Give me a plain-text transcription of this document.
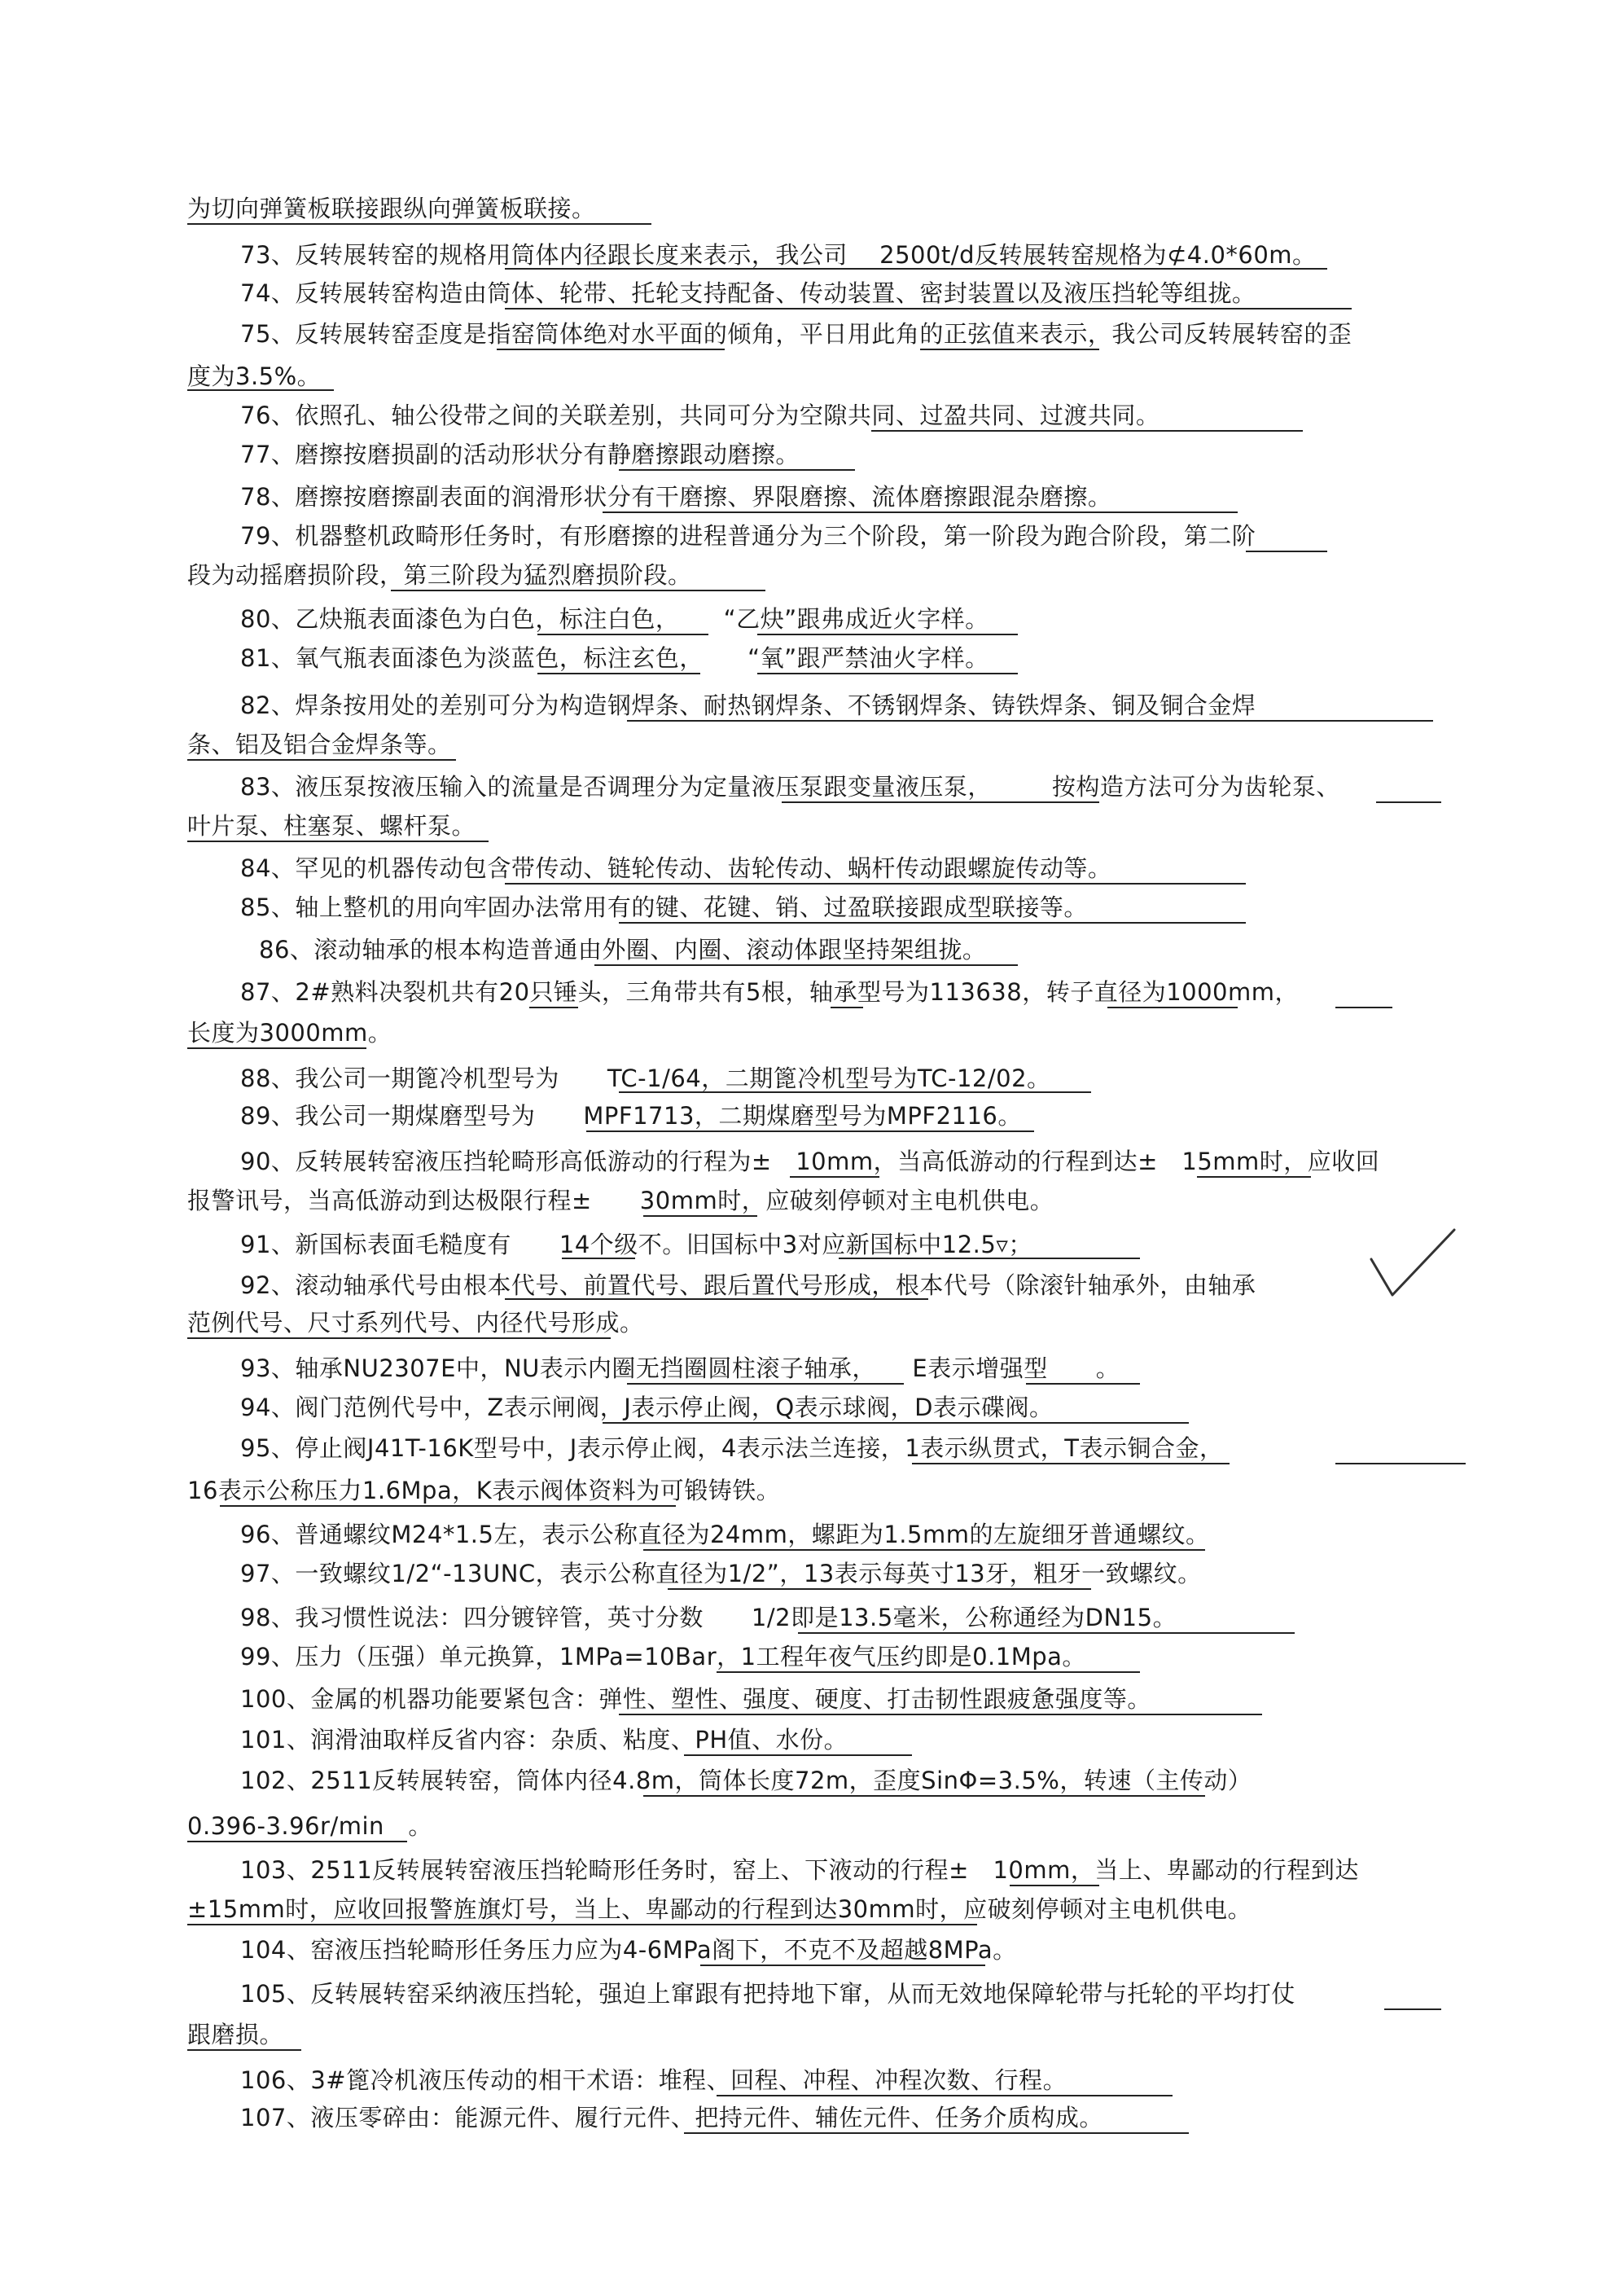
为切向弹簧板联接跟纵向弹簧板联接。
73、反转展转窑的规格用筒体内径跟长度来表示，我公司　 2500t/d反转展转窑规格为⊄4.0*60m。
74、反转展转窑构造由筒体、轮带、托轮支持配备、传动装置、密封装置以及液压挡轮等组拢。
75、反转展转窑歪度是指窑筒体绝对水平面的倾角，平日用此角的正弦值来表示，我公司反转展转窑的歪
度为3.5%。
76、依照孔、轴公役带之间的关联差别，共同可分为空隙共同、过盈共同、过渡共同。
77、磨擦按磨损副的活动形状分有静磨擦跟动磨擦。
78、磨擦按磨擦副表面的润滑形状分有干磨擦、界限磨擦、流体磨擦跟混杂磨擦。
79、机器整机政畸形任务时，有形磨擦的进程普通分为三个阶段，第一阶段为跑合阶段，第二阶
段为动摇磨损阶段，第三阶段为猛烈磨损阶段。
80、乙炔瓶表面漆色为白色，标注白色，　　 “乙炔”跟弗成近火字样。
81、氧气瓶表面漆色为淡蓝色，标注玄色，　　 “氧”跟严禁油火字样。
82、焊条按用处的差别可分为构造钢焊条、耐热钢焊条、不锈钢焊条、铸铁焊条、铜及铜合金焊
条、铝及铝合金焊条等。
83、液压泵按液压输入的流量是否调理分为定量液压泵跟变量液压泵，　　　按构造方法可分为齿轮泵、
叶片泵、柱塞泵、螺杆泵。
84、罕见的机器传动包含带传动、链轮传动、齿轮传动、蜗杆传动跟螺旋传动等。
85、轴上整机的用向牢固办法常用有的键、花键、销、过盈联接跟成型联接等。
86、滚动轴承的根本构造普通由外圈、内圈、滚动体跟坚持架组拢。
87、2#熟料决裂机共有20只锤头，三角带共有5根，轴承型号为113638，转子直径为1000mm，
长度为3000mm。
88、我公司一期篦冷机型号为　　TC-1/64，二期篦冷机型号为TC-12/02。
89、我公司一期煤磨型号为　　MPF1713，二期煤磨型号为MPF2116。
90、反转展转窑液压挡轮畸形高低游动的行程为±　10mm，当高低游动的行程到达±　15mm时，应收回
报警讯号，当高低游动到达极限行程±　　30mm时，应破刻停顿对主电机供电。
91、新国标表面毛糙度有　　14个级不。旧国标中3对应新国标中12.5▿；
92、滚动轴承代号由根本代号、前置代号、跟后置代号形成，根本代号（除滚针轴承外，由轴承
范例代号、尺寸系列代号、内径代号形成。
93、轴承NU2307E中，NU表示内圈无挡圈圆柱滚子轴承，　　E表示增强型　　。
94、阀门范例代号中，Z表示闸阀，J表示停止阀，Q表示球阀，D表示碟阀。
95、停止阀J41T-16K型号中，J表示停止阀，4表示法兰连接，1表示纵贯式，T表示铜合金，
16表示公称压力1.6Mpa，K表示阀体资料为可锻铸铁。
96、普通螺纹M24*1.5左，表示公称直径为24mm，螺距为1.5mm的左旋细牙普通螺纹。
97、一致螺纹1/2“-13UNC，表示公称直径为1/2”，13表示每英寸13牙，粗牙一致螺纹。
98、我习惯性说法：四分镀锌管，英寸分数　　1/2即是13.5毫米，公称通经为DN15。
99、压力（压强）单元换算，1MPa=10Bar，1工程年夜气压约即是0.1Mpa。
100、金属的机器功能要紧包含：弹性、塑性、强度、硬度、打击韧性跟疲惫强度等。
101、润滑油取样反省内容：杂质、粘度、PH值、水份。
102、2511反转展转窑，筒体内径4.8m，筒体长度72m，歪度SinΦ=3.5%，转速（主传动）
0.396-3.96r/min　。
103、2511反转展转窑液压挡轮畸形任务时，窑上、下液动的行程±　10mm，当上、卑鄙动的行程到达
±15mm时，应收回报警旌旗灯号，当上、卑鄙动的行程到达30mm时，应破刻停顿对主电机供电。
104、窑液压挡轮畸形任务压力应为4-6MPa阁下，不克不及超越8MPa。
105、反转展转窑采纳液压挡轮，强迫上窜跟有把持地下窜，从而无效地保障轮带与托轮的平均打仗
跟磨损。
106、3#篦冷机液压传动的相干术语：堆程、回程、冲程、冲程次数、行程。
107、液压零碎由：能源元件、履行元件、把持元件、辅佐元件、任务介质构成。
